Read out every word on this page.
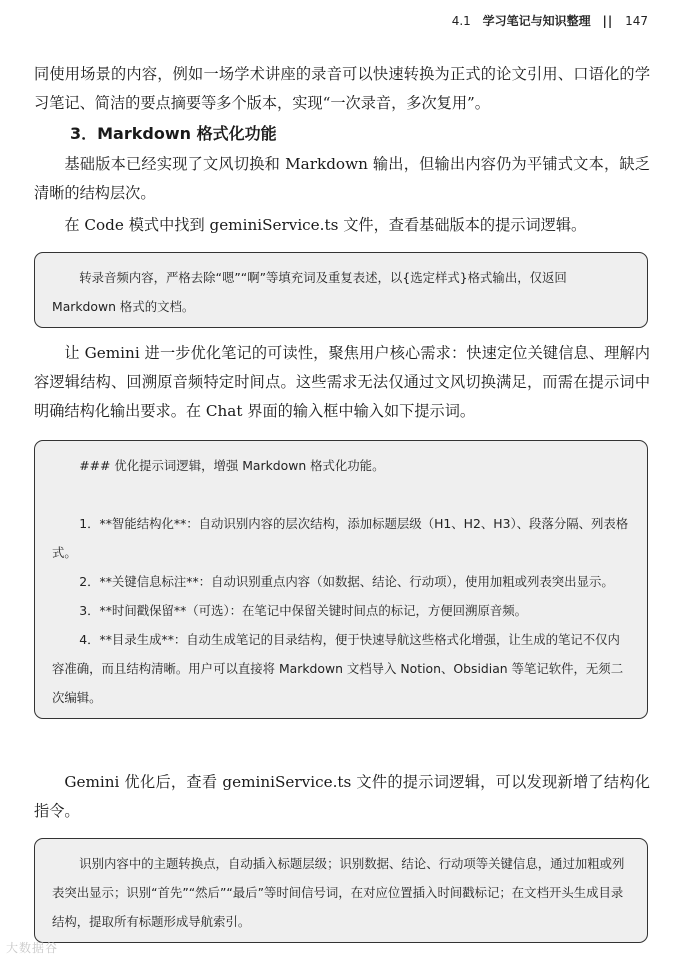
4.1 学习笔记与知识整理 || 147

同使用场景的内容，例如一场学术讲座的录音可以快速转换为正式的论文引用、口语化的学习笔记、简洁的要点摘要等多个版本，实现“一次录音，多次复用”。

3．Markdown 格式化功能

基础版本已经实现了文风切换和 Markdown 输出，但输出内容仍为平铺式文本，缺乏清晰的结构层次。

在 Code 模式中找到 geminiService.ts 文件，查看基础版本的提示词逻辑。

转录音频内容，严格去除“嗯”“啊”等填充词及重复表述，以{选定样式}格式输出，仅返回 Markdown 格式的文档。

让 Gemini 进一步优化笔记的可读性，聚焦用户核心需求：快速定位关键信息、理解内容逻辑结构、回溯原音频特定时间点。这些需求无法仅通过文风切换满足，而需在提示词中明确结构化输出要求。在 Chat 界面的输入框中输入如下提示词。

### 优化提示词逻辑，增强 Markdown 格式化功能。

1．**智能结构化**：自动识别内容的层次结构，添加标题层级（H1、H2、H3）、段落分隔、列表格式。

2．**关键信息标注**：自动识别重点内容（如数据、结论、行动项），使用加粗或列表突出显示。

3．**时间戳保留**（可选）：在笔记中保留关键时间点的标记，方便回溯原音频。

4．**目录生成**：自动生成笔记的目录结构，便于快速导航这些格式化增强，让生成的笔记不仅内容准确，而且结构清晰。用户可以直接将 Markdown 文档导入 Notion、Obsidian 等笔记软件，无须二次编辑。

Gemini 优化后，查看 geminiService.ts 文件的提示词逻辑，可以发现新增了结构化指令。

识别内容中的主题转换点，自动插入标题层级；识别数据、结论、行动项等关键信息，通过加粗或列表突出显示；识别“首先”“然后”“最后”等时间信号词，在对应位置插入时间戳标记；在文档开头生成目录结构，提取所有标题形成导航索引。

大数据谷
